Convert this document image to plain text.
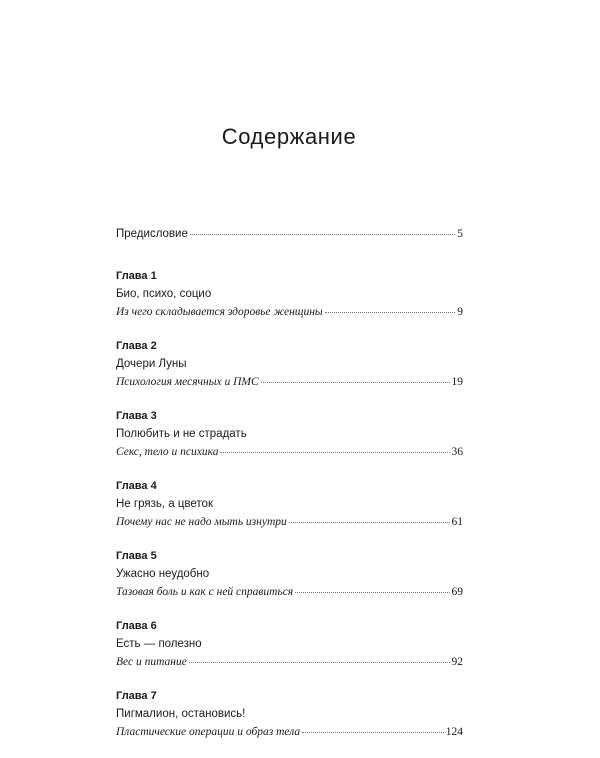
Содержание
Предисловие	5
Глава 1
Био, психо, социо
Из чего складывается здоровье женщины	9
Глава 2
Дочери Луны
Психология месячных и ПМС	19
Глава 3
Полюбить и не страдать
Секс, тело и психика	36
Глава 4
Не грязь, а цветок
Почему нас не надо мыть изнутри	61
Глава 5
Ужасно неудобно
Тазовая боль и как с ней справиться	69
Глава 6
Есть — полезно
Вес и питание	92
Глава 7
Пигмалион, остановись!
Пластические операции и образ тела	124
